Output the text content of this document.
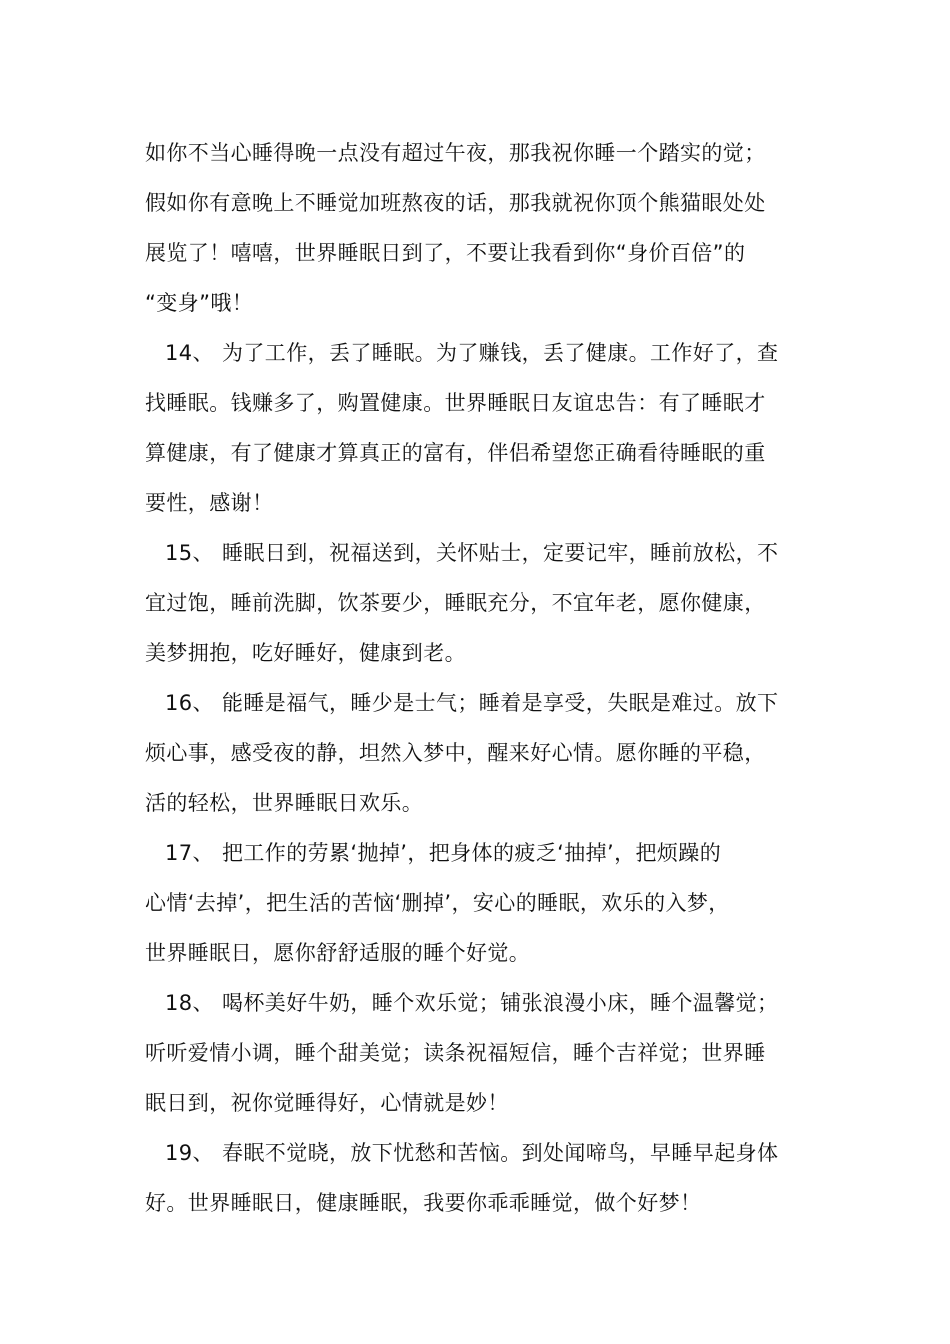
如你不当心睡得晚一点没有超过午夜，那我祝你睡一个踏实的觉；
假如你有意晚上不睡觉加班熬夜的话，那我就祝你顶个熊猫眼处处
展览了！嘻嘻，世界睡眠日到了，不要让我看到你“身价百倍”的
“变身”哦！
14、 为了工作，丢了睡眠。为了赚钱，丢了健康。工作好了，查
找睡眠。钱赚多了，购置健康。世界睡眠日友谊忠告：有了睡眠才
算健康，有了健康才算真正的富有，伴侣希望您正确看待睡眠的重
要性，感谢！
15、 睡眠日到，祝福送到，关怀贴士，定要记牢，睡前放松，不
宜过饱，睡前洗脚，饮茶要少，睡眠充分，不宜年老，愿你健康，
美梦拥抱，吃好睡好，健康到老。
16、 能睡是福气，睡少是士气；睡着是享受，失眠是难过。放下
烦心事，感受夜的静，坦然入梦中，醒来好心情。愿你睡的平稳，
活的轻松，世界睡眠日欢乐。
17、 把工作的劳累‘抛掉’，把身体的疲乏‘抽掉’，把烦躁的
心情‘去掉’，把生活的苦恼‘删掉’，安心的睡眠，欢乐的入梦，
世界睡眠日，愿你舒舒适服的睡个好觉。
18、 喝杯美好牛奶，睡个欢乐觉；铺张浪漫小床，睡个温馨觉；
听听爱情小调，睡个甜美觉；读条祝福短信，睡个吉祥觉；世界睡
眠日到，祝你觉睡得好，心情就是妙！
19、 春眠不觉晓，放下忧愁和苦恼。到处闻啼鸟，早睡早起身体
好。世界睡眠日，健康睡眠，我要你乖乖睡觉，做个好梦！
